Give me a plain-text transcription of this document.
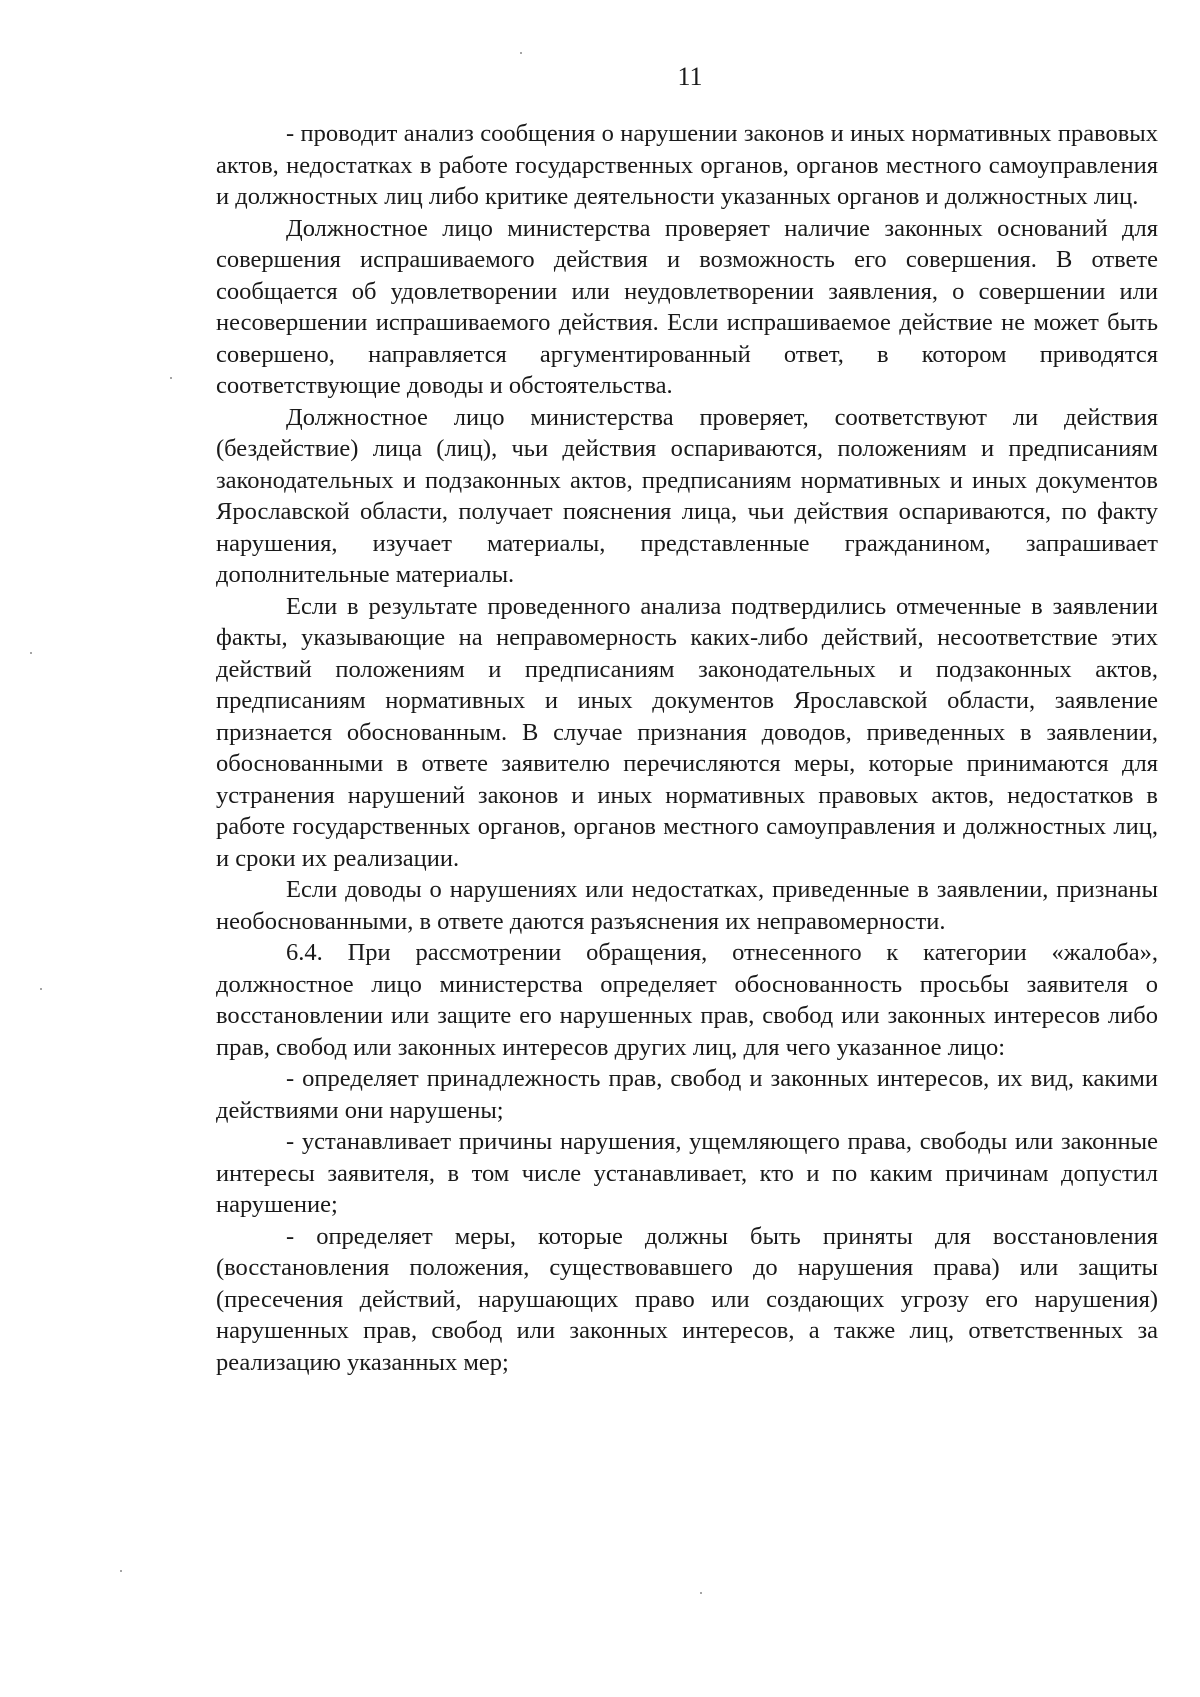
11

- проводит анализ сообщения о нарушении законов и иных нормативных правовых актов, недостатках в работе государственных органов, органов местного самоуправления и должностных лиц либо критике деятельности указанных органов и должностных лиц.

Должностное лицо министерства проверяет наличие законных оснований для совершения испрашиваемого действия и возможность его совершения. В ответе сообщается об удовлетворении или неудовлетворении заявления, о совершении или несовершении испрашиваемого действия. Если испрашиваемое действие не может быть совершено, направляется аргументированный ответ, в котором приводятся соответствующие доводы и обстоятельства.

Должностное лицо министерства проверяет, соответствуют ли действия (бездействие) лица (лиц), чьи действия оспариваются, положениям и предписаниям законодательных и подзаконных актов, предписаниям нормативных и иных документов Ярославской области, получает пояснения лица, чьи действия оспариваются, по факту нарушения, изучает материалы, представленные гражданином, запрашивает дополнительные материалы.

Если в результате проведенного анализа подтвердились отмеченные в заявлении факты, указывающие на неправомерность каких-либо действий, несоответствие этих действий положениям и предписаниям законодательных и подзаконных актов, предписаниям нормативных и иных документов Ярославской области, заявление признается обоснованным. В случае признания доводов, приведенных в заявлении, обоснованными в ответе заявителю перечисляются меры, которые принимаются для устранения нарушений законов и иных нормативных правовых актов, недостатков в работе государственных органов, органов местного самоуправления и должностных лиц, и сроки их реализации.

Если доводы о нарушениях или недостатках, приведенные в заявлении, признаны необоснованными, в ответе даются разъяснения их неправомерности.

6.4. При рассмотрении обращения, отнесенного к категории «жалоба», должностное лицо министерства определяет обоснованность просьбы заявителя о восстановлении или защите его нарушенных прав, свобод или законных интересов либо прав, свобод или законных интересов других лиц, для чего указанное лицо:

- определяет принадлежность прав, свобод и законных интересов, их вид, какими действиями они нарушены;

- устанавливает причины нарушения, ущемляющего права, свободы или законные интересы заявителя, в том числе устанавливает, кто и по каким причинам допустил нарушение;

- определяет меры, которые должны быть приняты для восстановления (восстановления положения, существовавшего до нарушения права) или защиты (пресечения действий, нарушающих право или создающих угрозу его нарушения) нарушенных прав, свобод или законных интересов, а также лиц, ответственных за реализацию указанных мер;
